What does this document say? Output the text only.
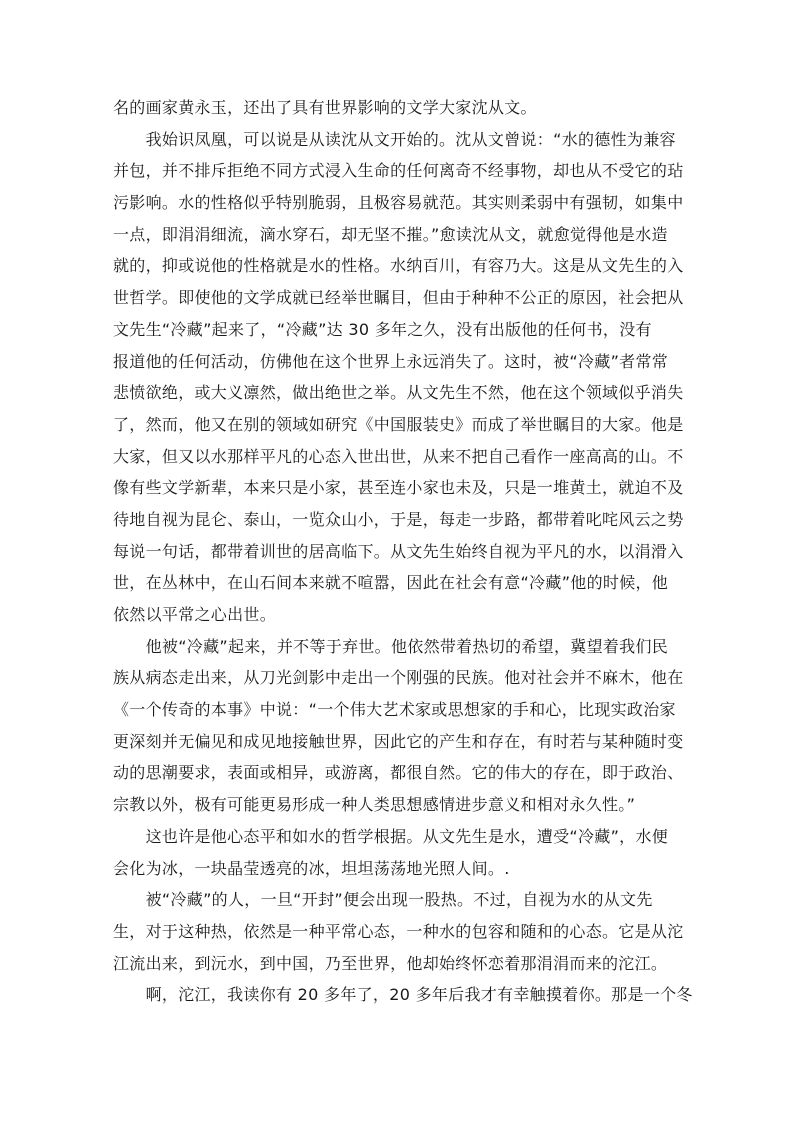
名的画家黄永玉，还出了具有世界影响的文学大家沈从文。
　　我始识凤凰，可以说是从读沈从文开始的。沈从文曾说：“水的德性为兼容
并包，并不排斥拒绝不同方式浸入生命的任何离奇不经事物，却也从不受它的玷
污影响。水的性格似乎特别脆弱，且极容易就范。其实则柔弱中有强韧，如集中
一点，即涓涓细流，滴水穿石，却无坚不摧。”愈读沈从文，就愈觉得他是水造
就的，抑或说他的性格就是水的性格。水纳百川，有容乃大。这是从文先生的入
世哲学。即使他的文学成就已经举世瞩目，但由于种种不公正的原因，社会把从
文先生“冷藏”起来了，“冷藏”达 30 多年之久，没有出版他的任何书，没有
报道他的任何活动，仿佛他在这个世界上永远消失了。这时，被“冷藏”者常常
悲愤欲绝，或大义凛然，做出绝世之举。从文先生不然，他在这个领域似乎消失
了，然而，他又在别的领域如研究《中国服装史》而成了举世瞩目的大家。他是
大家，但又以水那样平凡的心态入世出世，从来不把自己看作一座高高的山。不
像有些文学新辈，本来只是小家，甚至连小家也未及，只是一堆黄土，就迫不及
待地自视为昆仑、泰山，一览众山小，于是，每走一步路，都带着叱咤风云之势
每说一句话，都带着训世的居高临下。从文先生始终自视为平凡的水，以涓滑入
世，在丛林中，在山石间本来就不喧嚣，因此在社会有意“冷藏”他的时候，他
依然以平常之心出世。
　　他被“冷藏”起来，并不等于弃世。他依然带着热切的希望，冀望着我们民
族从病态走出来，从刀光剑影中走出一个刚强的民族。他对社会并不麻木，他在
《一个传奇的本事》中说：“一个伟大艺术家或思想家的手和心，比现实政治家
更深刻并无偏见和成见地接触世界，因此它的产生和存在，有时若与某种随时变
动的思潮要求，表面或相异，或游离，都很自然。它的伟大的存在，即于政治、
宗教以外，极有可能更易形成一种人类思想感情进步意义和相对永久性。”
　　这也许是他心态平和如水的哲学根据。从文先生是水，遭受“冷藏”，水便
会化为冰，一块晶莹透亮的冰，坦坦荡荡地光照人间。.
　　被“冷藏”的人，一旦“开封”便会出现一股热。不过，自视为水的从文先
生，对于这种热，依然是一种平常心态，一种水的包容和随和的心态。它是从沱
江流出来，到沅水，到中国，乃至世界，他却始终怀恋着那涓涓而来的沱江。
　　啊，沱江，我读你有 20 多年了，20 多年后我才有幸触摸着你。那是一个冬
